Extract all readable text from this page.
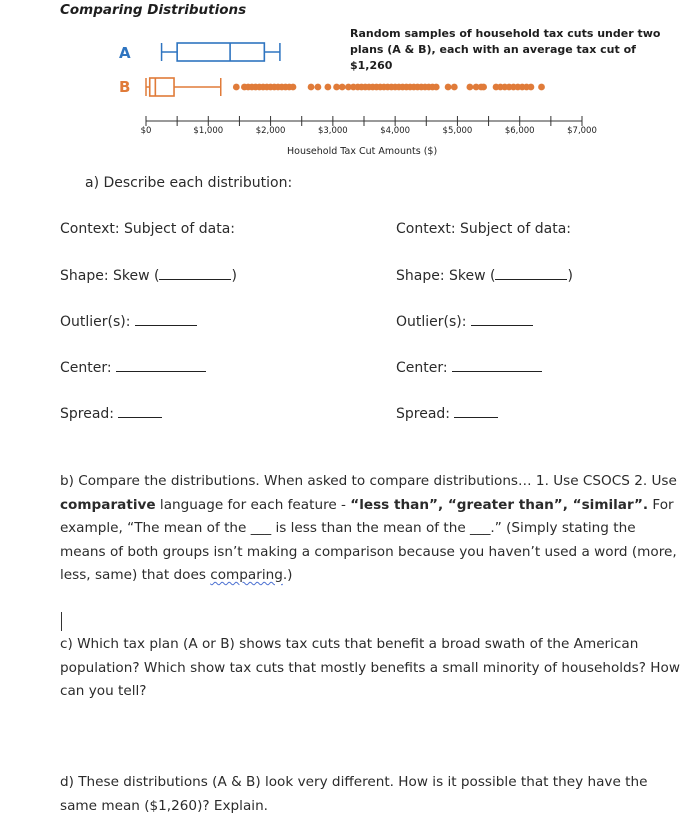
Comparing Distributions
Random samples of household tax cuts under two plans (A & B), each with an average tax cut of $1,260
A
B
$0	$1,000	$2,000	$3,000	$4,000	$5,000	$6,000	$7,000
Household Tax Cut Amounts ($)
a) Describe each distribution:
Context: Subject of data:
Shape: Skew (	)
Outlier(s):
Center:
Spread:
Context: Subject of data:
Shape: Skew (	)
Outlier(s):
Center:
Spread:
b) Compare the distributions. When asked to compare distributions… 1. Use CSOCS 2. Use comparative language for each feature - “less than”, “greater than”, “similar”. For example, “The mean of the ___ is less than the mean of the ___.” (Simply stating the means of both groups isn’t making a comparison because you haven’t used a word (more, less, same) that does comparing.)
c) Which tax plan (A or B) shows tax cuts that benefit a broad swath of the American population? Which show tax cuts that mostly benefits a small minority of households? How can you tell?
d) These distributions (A & B) look very different. How is it possible that they have the same mean ($1,260)? Explain.
